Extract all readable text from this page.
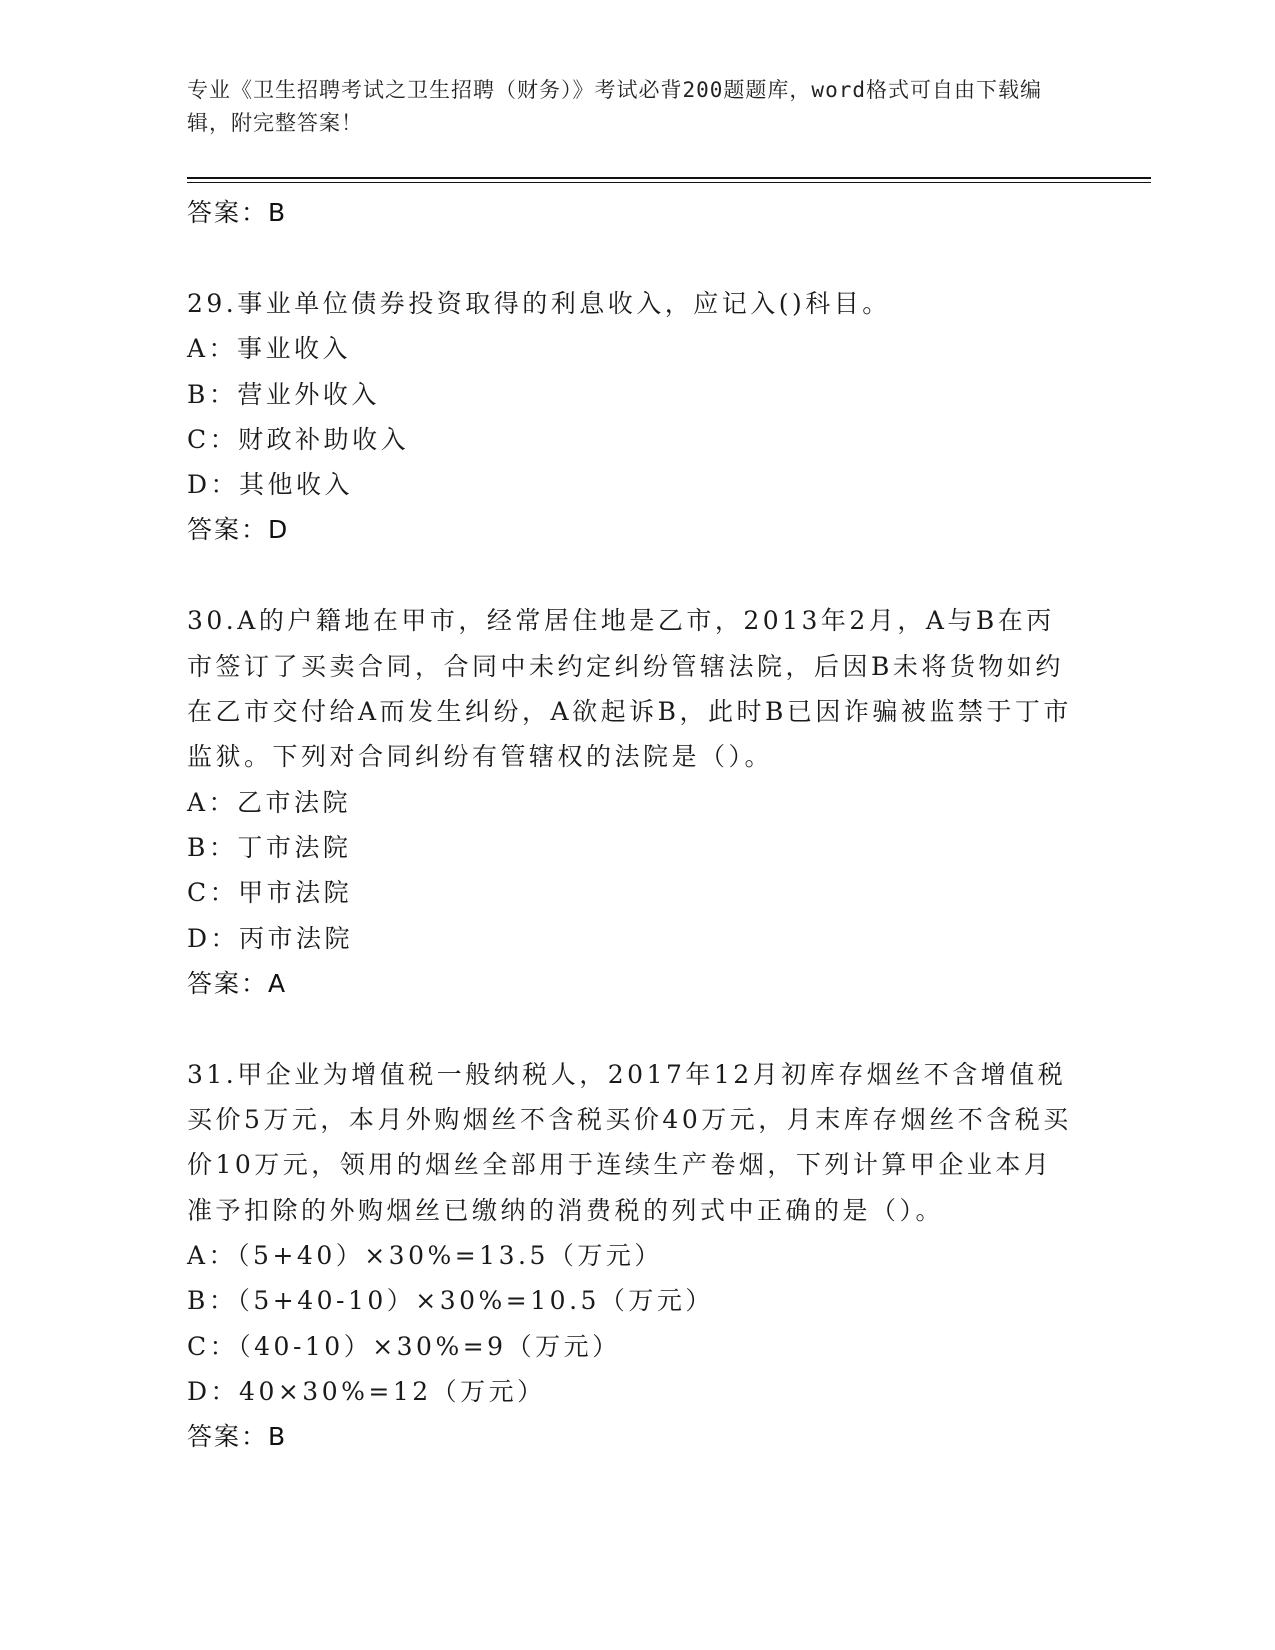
专业《卫生招聘考试之卫生招聘（财务）》考试必背200题题库，word格式可自由下载编辑，附完整答案！
答案：B
29.事业单位债券投资取得的利息收入，应记入()科目。
A：事业收入
B：营业外收入
C：财政补助收入
D：其他收入
答案：D
30.A的户籍地在甲市，经常居住地是乙市，2013年2月，A与B在丙市签订了买卖合同，合同中未约定纠纷管辖法院，后因B未将货物如约在乙市交付给A而发生纠纷，A欲起诉B，此时B已因诈骗被监禁于丁市监狱。下列对合同纠纷有管辖权的法院是（）。
A：乙市法院
B：丁市法院
C：甲市法院
D：丙市法院
答案：A
31.甲企业为增值税一般纳税人，2017年12月初库存烟丝不含增值税买价5万元，本月外购烟丝不含税买价40万元，月末库存烟丝不含税买价10万元，领用的烟丝全部用于连续生产卷烟，下列计算甲企业本月准予扣除的外购烟丝已缴纳的消费税的列式中正确的是（）。
A：（5+40）×30%=13.5（万元）
B：（5+40-10）×30%=10.5（万元）
C：（40-10）×30%=9（万元）
D：40×30%=12（万元）
答案：B
